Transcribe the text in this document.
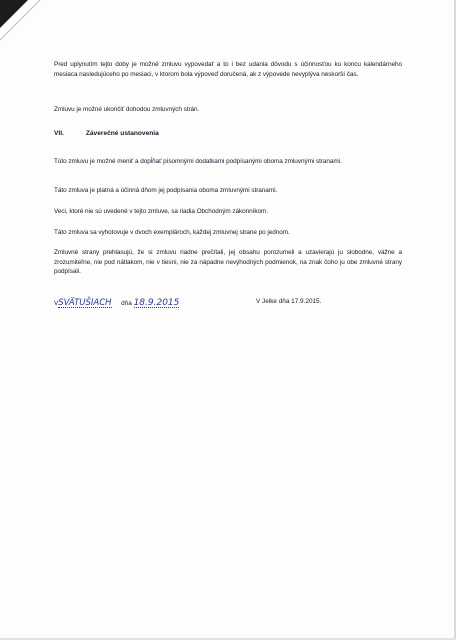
Pred uplynutím tejto doby je možné zmluvu vypovedať a to i bez udania dôvodu s účinnosťou ku koncu kalendárneho mesiaca nasledujúceho po mesiaci, v ktorom bola výpoveď doručená, ak z výpovede nevyplýva neskorší čas.
Zmluvu je možné ukončiť dohodou zmluvných strán.
VII.	Záverečné ustanovenia
Túto zmluvu je možné meniť a dopĺňať písomnými dodatkami podpísanými oboma zmluvnými stranami.
Táto zmluva je platná a účinná dňom jej podpísania oboma zmluvnými stranami.
Veci, ktoré nie sú uvedené v tejto zmluve, sa riadia Obchodným zákonníkom.
Táto zmluva sa vyhotovuje v dvoch exemplároch, každej zmluvnej strane po jednom.
Zmluvné strany prehlasujú, že si zmluvu riadne prečítali, jej obsahu porozumeli a uzavierajú ju slobodne, vážne a zrozumiteľne, nie pod nátlakom, nie v tiesni, nie za nápadne nevýhodných podmienok, na znak čoho ju obe zmluvné strany podpísali.
VSVÄTUŠIACH dňa 18.9.2015	V Jelke dňa 17.9.2015.
